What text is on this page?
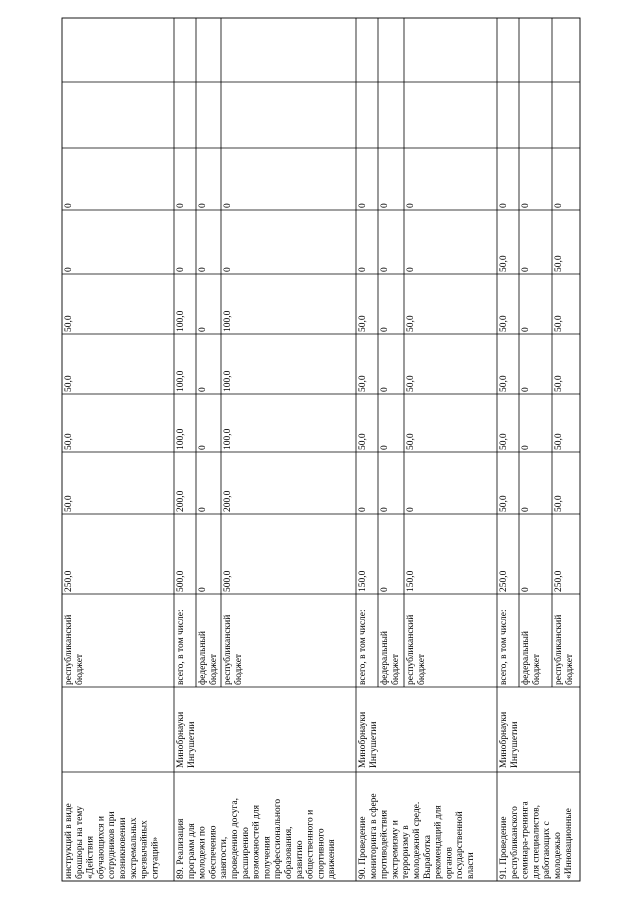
инструкций в видеброшюры на тему«Действияобучающихся исотрудников привозникновенииэкстремальныхчрезвычайныхситуаций»
республиканскийбюджет
250,0
50,0
50,0
50,0
50,0
0
0
89. Реализацияпрограмм длямолодежи пообеспечениюзанятости,проведению досуга,расширениювозможностей дляполученияпрофессиональногообразования,развитиюобщественного испортивногодвижения
МинобрнаукиИнгушетии
всего, в том числе:
500,0
200,0
100,0
100,0
100,0
0
0
федеральныйбюджет
0
0
0
0
0
0
0
республиканскийбюджет
500,0
200,0
100,0
100,0
100,0
0
0
90. Проведениемониторинга в сферепротиводействияэкстремизму итерроризму вмолодежной среде.Выработкарекомендаций дляоргановгосударственнойвласти
МинобрнаукиИнгушетии
всего, в том числе:
150,0
0
50,0
50,0
50,0
0
0
федеральныйбюджет
0
0
0
0
0
0
0
республиканскийбюджет
150,0
0
50,0
50,0
50,0
0
0
91. Проведениереспубликанскогосеминара-тренингадля специалистов,работающих смолодежью«Инновационные
МинобрнаукиИнгушетии
всего, в том числе:
250,0
50,0
50,0
50,0
50,0
50,0
0
федеральныйбюджет
0
0
0
0
0
0
0
республиканскийбюджет
250,0
50,0
50,0
50,0
50,0
50,0
0
